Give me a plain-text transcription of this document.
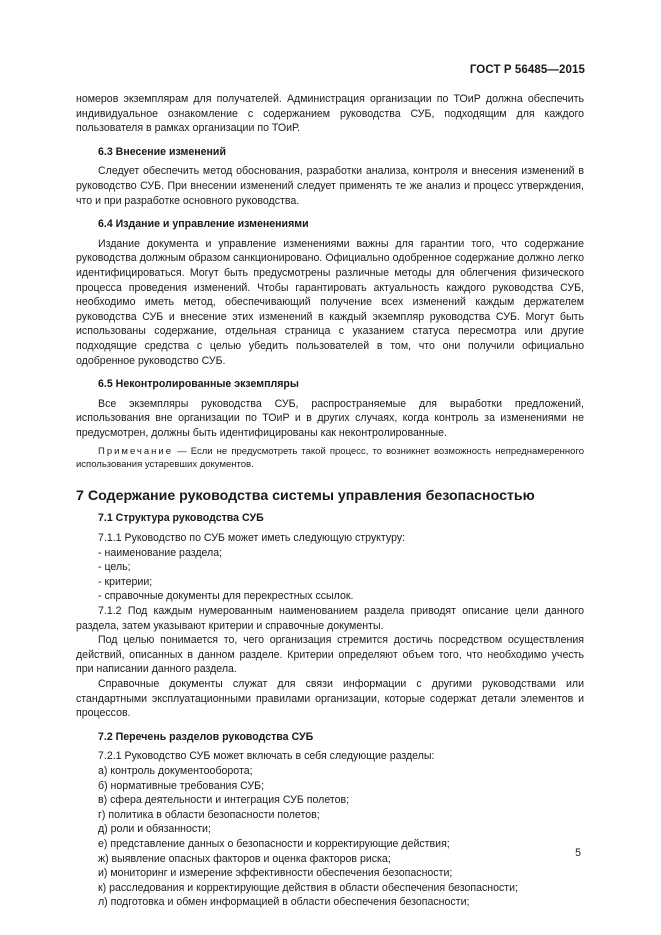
ГОСТ Р 56485—2015

номеров экземплярам для получателей. Администрация организации по ТОиР должна обеспечить индивидуальное ознакомление с содержанием руководства СУБ, подходящим для каждого пользователя в рамках организации по ТОиР.

6.3 Внесение изменений

Следует обеспечить метод обоснования, разработки анализа, контроля и внесения изменений в руководство СУБ. При внесении изменений следует применять те же анализ и процесс утверждения, что и при разработке основного руководства.

6.4 Издание и управление изменениями

Издание документа и управление изменениями важны для гарантии того, что содержание руководства должным образом санкционировано. Официально одобренное содержание должно легко идентифицироваться. Могут быть предусмотрены различные методы для облегчения физического процесса проведения изменений. Чтобы гарантировать актуальность каждого руководства СУБ, необходимо иметь метод, обеспечивающий получение всех изменений каждым держателем руководства СУБ и внесение этих изменений в каждый экземпляр руководства СУБ. Могут быть использованы содержание, отдельная страница с указанием статуса пересмотра или другие подходящие средства с целью убедить пользователей в том, что они получили официально одобренное руководство СУБ.

6.5 Неконтролированные экземпляры

Все экземпляры руководства СУБ, распространяемые для выработки предложений, использования вне организации по ТОиР и в других случаях, когда контроль за изменениями не предусмотрен, должны быть идентифицированы как неконтролированные.

Примечание — Если не предусмотреть такой процесс, то возникнет возможность непреднамеренного использования устаревших документов.

7 Содержание руководства системы управления безопасностью
7.1 Структура руководства СУБ

7.1.1 Руководство по СУБ может иметь следующую структуру:

- наименование раздела;

- цель;

- критерии;

- справочные документы для перекрестных ссылок.

7.1.2 Под каждым нумерованным наименованием раздела приводят описание цели данного раздела, затем указывают критерии и справочные документы.

Под целью понимается то, чего организация стремится достичь посредством осуществления действий, описанных в данном разделе. Критерии определяют объем того, что необходимо учесть при написании данного раздела.

Справочные документы служат для связи информации с другими руководствами или стандартными эксплуатационными правилами организации, которые содержат детали элементов и процессов.

7.2 Перечень разделов руководства СУБ

7.2.1 Руководство СУБ может включать в себя следующие разделы:

а) контроль документооборота;

б) нормативные требования СУБ;

в) сфера деятельности и интеграция СУБ полетов;

г) политика в области безопасности полетов;

д) роли и обязанности;

е) представление данных о безопасности и корректирующие действия;

ж) выявление опасных факторов и оценка факторов риска;

и) мониторинг и измерение эффективности обеспечения безопасности;

к) расследования и корректирующие действия в области обеспечения безопасности;

л) подготовка и обмен информацией в области обеспечения безопасности;

5
